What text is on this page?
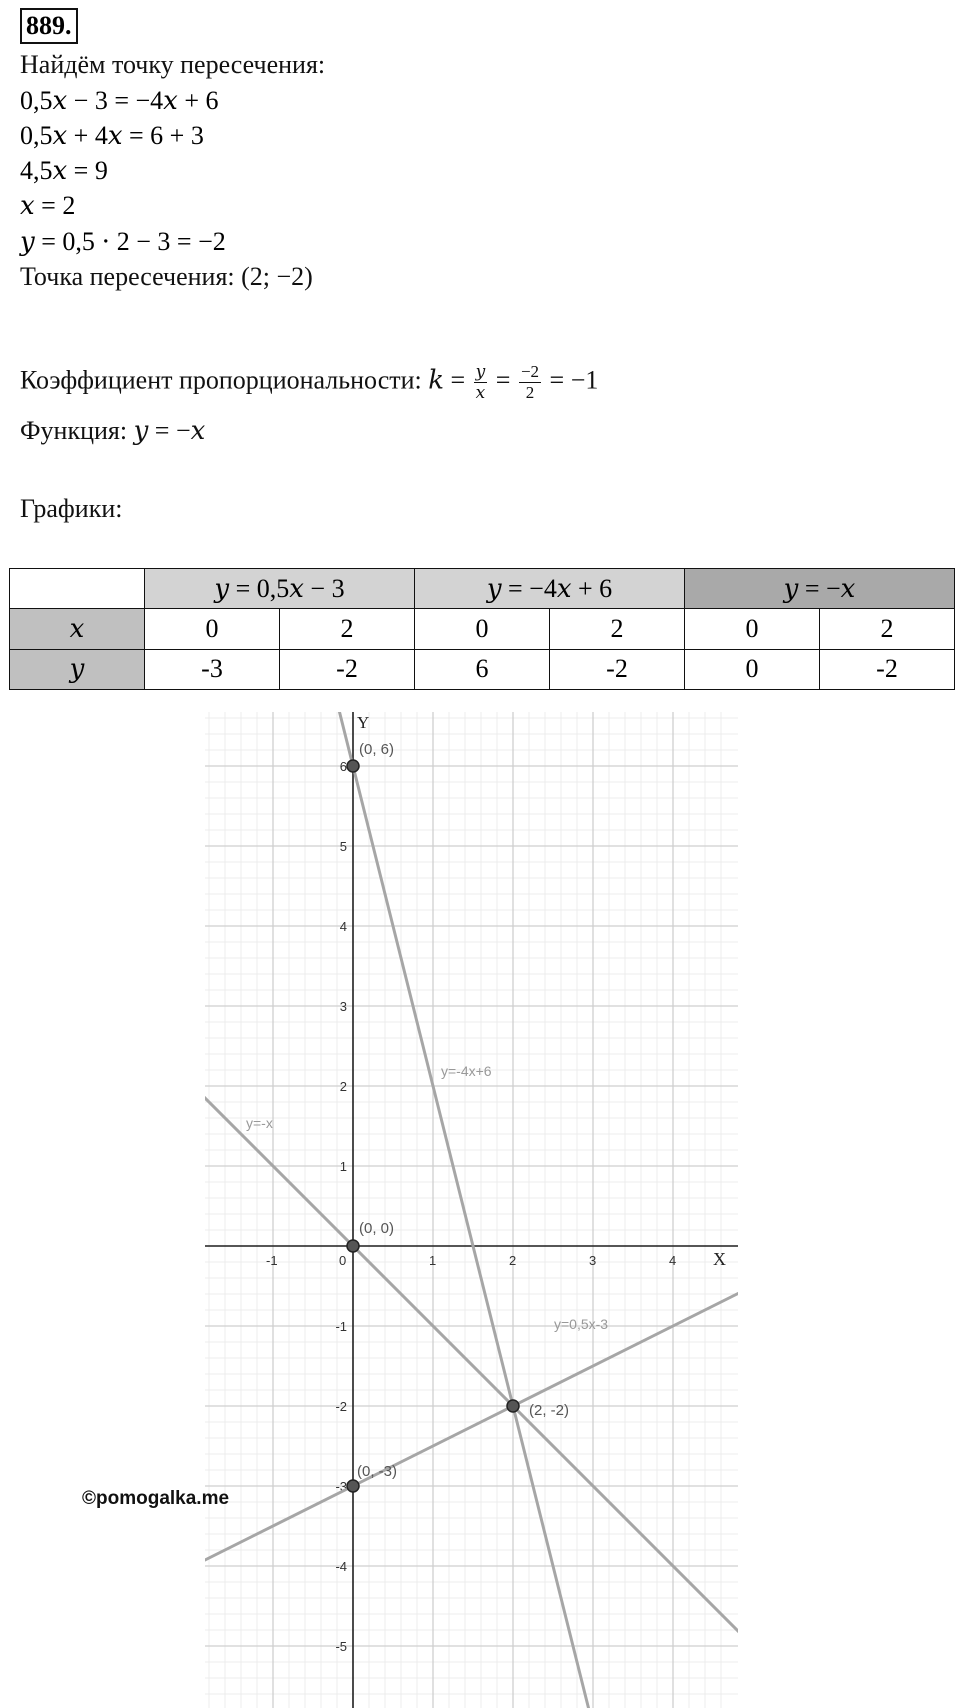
889.
Найдём точку пересечения:
0,5𝑥 − 3 = −4𝑥 + 6
0,5𝑥 + 4𝑥 = 6 + 3
4,5𝑥 = 9
𝑥 = 2
𝑦 = 0,5 ⋅ 2 − 3 = −2
Точка пересечения: (2; −2)
Коэффициент пропорциональности: 𝑘 = $\frac{\text{𝑦}}{\text{𝑥}} = \frac{-2}{2} = -1$
Функция: 𝑦 = −𝑥
Графики:
	𝑦 = 0,5𝑥 − 3		𝑦 = −4𝑥 + 6		𝑦 = −𝑥	
𝑥	0	2	0	2	0	2
𝑦	-3	-2	6	-2	0	-2
X
Y
-1	0	1	2	3	4
-5
-4
-3
-2
-1
1
2
3
4
5
6
y=-4x+6
y=-x
y=0,5x-3
(0, 6)
(0, 0)
(2, -2)
(0, -3)
©pomogalka.me
